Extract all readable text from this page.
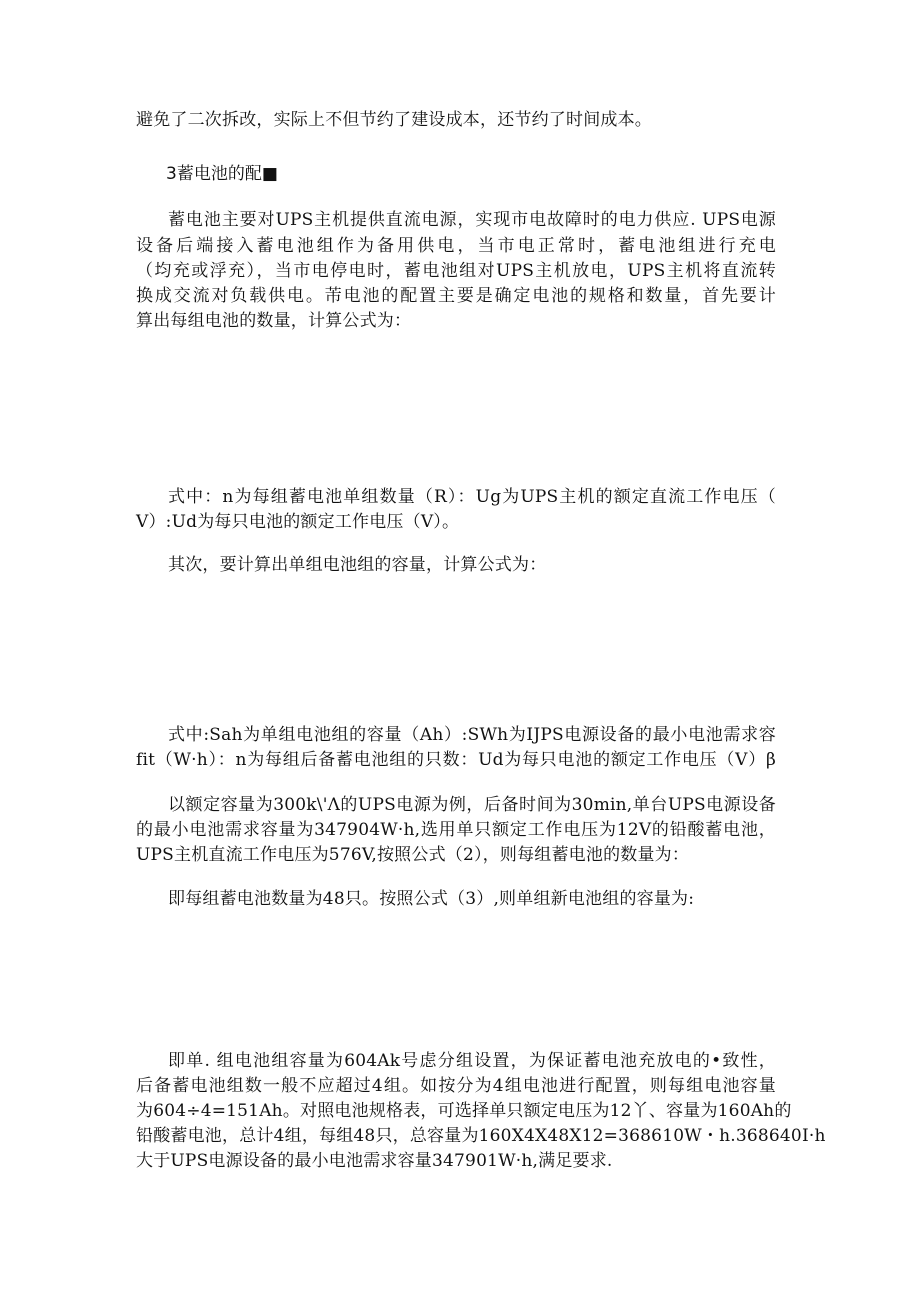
避免了二次拆改，实际上不但节约了建设成本，还节约了时间成本。
3蓄电池的配■
蓄电池主要对UPS主机提供直流电源，实现市电故障时的电力供应. UPS电源
设备后端接入蓄电池组作为备用供电，当市电正常时，蓄电池组进行充电
（均充或浮充），当市电停电时，蓄电池组对UPS主机放电，UPS主机将直流转
换成交流对负载供电。芾电池的配置主要是确定电池的规格和数量，首先要计
算出每组电池的数量，计算公式为：
式中：n为每组蓄电池单组数量（R）：Ug为UPS主机的额定直流工作电压（
V）:Ud为每只电池的额定工作电压（V）。
其次，要计算出单组电池组的容量，计算公式为：
式中:Sah为单组电池组的容量（Ah）:SWh为IJPS电源设备的最小电池需求容
fit（W·h）：n为每组后备蓄电池组的只数：Ud为每只电池的额定工作电压（V）β
以额定容量为300k\'Λ的UPS电源为例，后备时间为30min,单台UPS电源设备
的最小电池需求容量为347904W·h,选用单只额定工作电压为12V的铅酸蓄电池，
UPS主机直流工作电压为576V,按照公式（2），则每组蓄电池的数量为：
即每组蓄电池数量为48只。按照公式（3）,则单组新电池组的容量为:
即单. 组电池组容量为604Ak号虑分组设置，为保证蓄电池充放电的•致性，
后备蓄电池组数一般不应超过4组。如按分为4组电池进行配置，则每组电池容量
为604÷4=151Ah。对照电池规格表，可选择单只额定电压为12丫、容量为160Ah的
铅酸蓄电池，总计4组，每组48只，总容量为160X4X48X12=368610W・h.368640I·h
大于UPS电源设备的最小电池需求容量347901W·h,满足要求.
